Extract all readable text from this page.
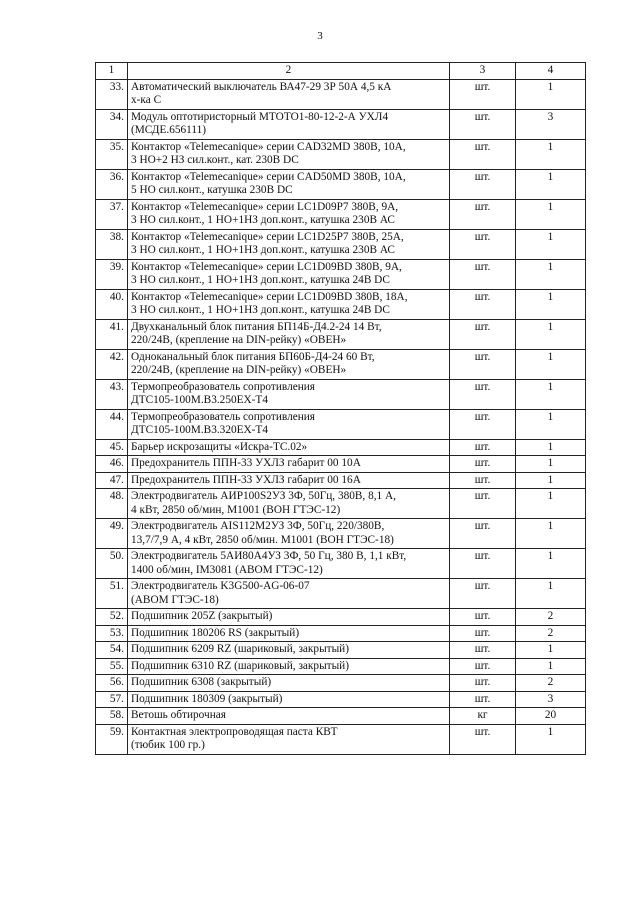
3
1	2	3	4
33.	Автоматический выключатель ВА47-29 3Р 50А 4,5 кА
х-ка С	шт.	1
34.	Модуль оптотиристорный МТОТО1-80-12-2-А УХЛ4
(МСДЕ.656111)	шт.	3
35.	Контактор «Telemecanique» серии CAD32MD 380В, 10А,
3 НО+2 НЗ сил.конт., кат. 230В DC	шт.	1
36.	Контактор «Telemecanique» серии CAD50MD 380В, 10А,
5 НО сил.конт., катушка 230В DC	шт.	1
37.	Контактор «Telemecanique» серии LC1D09P7 380В, 9А,
3 НО сил.конт., 1 НО+1НЗ доп.конт., катушка 230В АС	шт.	1
38.	Контактор «Telemecanique» серии LC1D25P7 380В, 25А,
3 НО сил.конт., 1 НО+1НЗ доп.конт., катушка 230В АС	шт.	1
39.	Контактор «Telemecanique» серии LC1D09BD 380В, 9А,
3 НО сил.конт., 1 НО+1НЗ доп.конт., катушка 24В DC	шт.	1
40.	Контактор «Telemecanique» серии LC1D09BD 380В, 18А,
3 НО сил.конт., 1 НО+1НЗ доп.конт., катушка 24В DC	шт.	1
41.	Двухканальный блок питания БП14Б-Д4.2-24 14 Вт,
220/24В, (крепление на DIN-рейку) «ОВЕН»	шт.	1
42.	Одноканальный блок питания БП60Б-Д4-24 60 Вт,
220/24В, (крепление на DIN-рейку) «ОВЕН»	шт.	1
43.	Термопреобразователь сопротивления
ДТС105-100М.В3.250ЕХ-Т4	шт.	1
44.	Термопреобразователь сопротивления
ДТС105-100М.В3.320ЕХ-Т4	шт.	1
45.	Барьер искрозащиты «Искра-ТС.02»	шт.	1
46.	Предохранитель ППН-33 УХЛЗ габарит 00 10А	шт.	1
47.	Предохранитель ППН-33 УХЛЗ габарит 00 16А	шт.	1
48.	Электродвигатель АИР100S2УЗ 3Ф, 50Гц, 380В, 8,1 А,
4 кВт, 2850 об/мин, М1001 (ВОН ГТЭС-12)	шт.	1
49.	Электродвигатель AIS112M2УЗ 3Ф, 50Гц, 220/380В,
13,7/7,9 А, 4 кВт, 2850 об/мин. М1001 (ВОН ГТЭС-18)	шт.	1
50.	Электродвигатель 5АИ80А4УЗ 3Ф, 50 Гц, 380 В, 1,1 кВт,
1400 об/мин, IM3081 (АВОМ ГТЭС-12)	шт.	1
51.	Электродвигатель K3G500-AG-06-07
(АВОМ ГТЭС-18)	шт.	1
52.	Подшипник 205Z (закрытый)	шт.	2
53.	Подшипник 180206 RS (закрытый)	шт.	2
54.	Подшипник 6209 RZ (шариковый, закрытый)	шт.	1
55.	Подшипник 6310 RZ (шариковый, закрытый)	шт.	1
56.	Подшипник 6308 (закрытый)	шт.	2
57.	Подшипник 180309 (закрытый)	шт.	3
58.	Ветошь обтирочная	кг	20
59.	Контактная электропроводящая паста КВТ
(тюбик 100 гр.)	шт.	1
